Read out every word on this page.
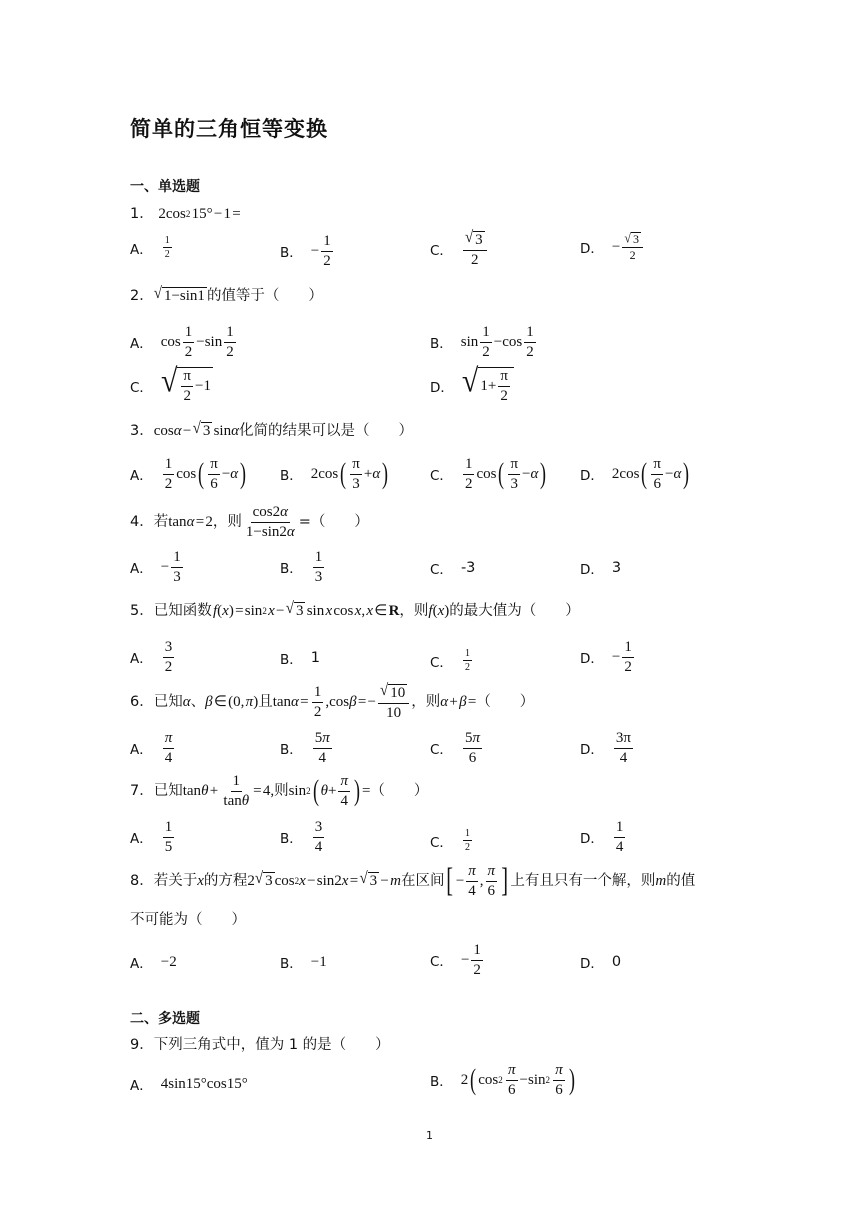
简单的三角恒等变换
一、单选题
1． 2cos 2  15° − 1 =
A． $\frac{1}{2}$	B． − $\frac{1}{2}$	C． $\frac{√ 3}{2}$	D． − $\frac{√ 3}{2}$
2． √ 1−sin1 的值等于（　　）
A． $\cos \frac{1}{2} -\sin \frac{1}{2}$	B． $\sin \frac{1}{2} -\cos \frac{1}{2}$
C． √ $\frac{\pi}{2} -1$	D． √ $1+ \frac{\pi}{2}$
3．cos α  −  √ 3  sin α 化简的结果可以是（　　）
A． $\frac{1}{2}$ cos ( $\frac{\pi}{6} - \alpha$ )	B． 2cos ( $\frac{\pi}{3} + \alpha$ )	C． $\frac{1}{2}$ cos ( $\frac{\pi}{3} - \alpha$ ) D． 2cos ( $\frac{\pi}{6} - \alpha$ )
4． 若 tan α  = 2 ，则 $\frac{\cos 2\alpha}{1-\sin 2\alpha}$ =（　　）
A． − $\frac{1}{3}$	B． $\frac{1}{3}$	C． -3	D． 3
5．已知函数  f ( x ) = sin 2
  x  −  √ 3  sin  x  cos  x ,  x  ∈  R ，则 f ( x )的最大值为（　　）
A． $\frac{3}{2}$	B． 1	C． $\frac{1}{2}$	D． − $\frac{1}{2}$
6． 已知 α 、 β  ∈ (0,  π ) 且 tan α  =  $\frac{1}{2} ,\cos$ β  = − $\frac{√ 10}{10}$ ，则 α  +  β  = （　　）
A． $\frac{\pi}{4}$	B． $\frac{5\pi}{4}$	C． $\frac{5\pi}{6}$	D． $\frac{3\pi}{4}$
7． 已知 tan θ  +  $\frac{1}{\tan\theta}$ = 4, 则 sin 2 ( $\theta + \frac{\pi}{4}$ ) = （　　）
A． $\frac{1}{5}$	B． $\frac{3}{4}$	C． $\frac{1}{2}$	D． $\frac{1}{4}$
8． 若关于 x 的方程 2 √ 3 cos 2 x  − sin2 x  =  √ 3  −  m 在区间 [ − $\frac{\pi}{4}$ , $\frac{\pi}{6}$ ] 上有且只有一个解，则 m 的值
不可能为（　　）
A． −2	B． −1	C． − $\frac{1}{2}$	D． 0
二、多选题
9．下列三角式中，值为 1 的是（　　）
A． 4sin15°cos15°	B． 2 ( cos 2
  $\frac{\pi}{6} -\sin$ 2
  $\frac{\pi}{6}$ )
1
